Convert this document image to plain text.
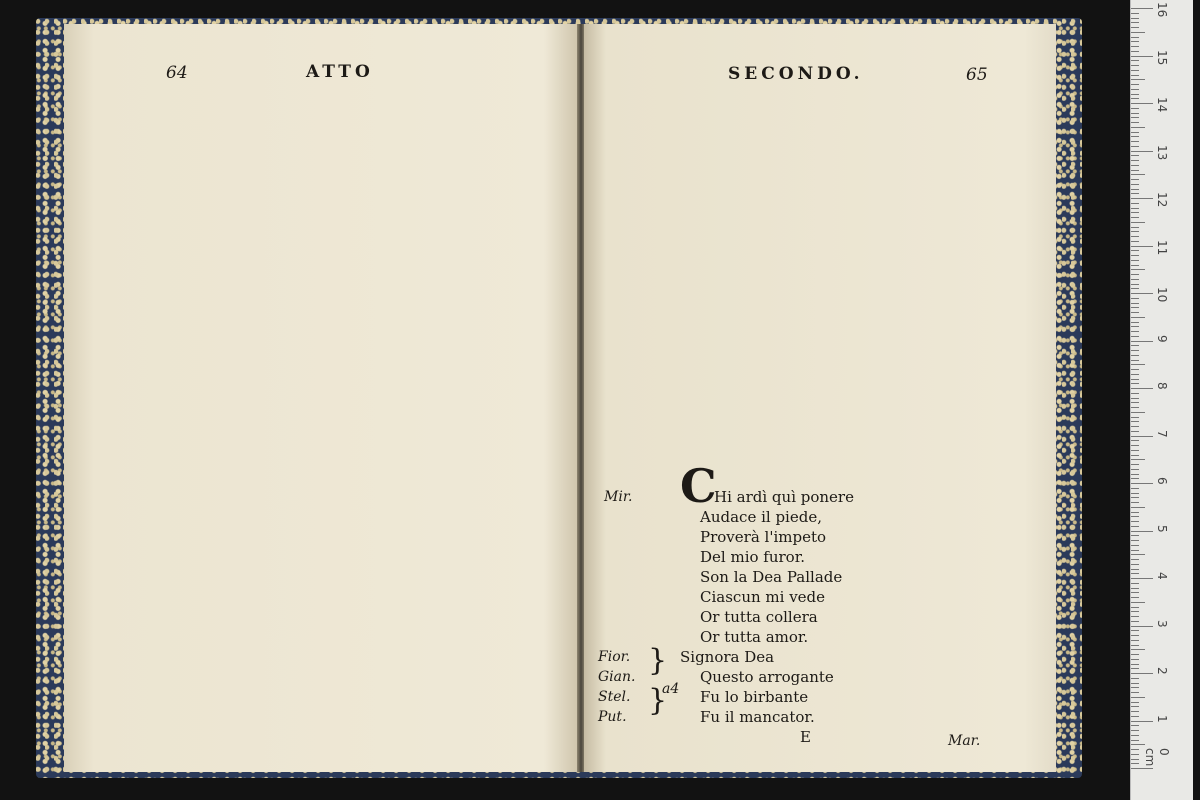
64	ATTO	SECONDO.	65
Mir. C
Hi ardì quì ponere
Audace il piede,
Proverà l'impeto
Del mio furor.
Son la Dea Pallade
Ciascun mi vede
Or tutta collera
Or tutta amor.
Fior.
Gian.
Stel.
Put.
}
}
a4
Signora Dea
Questo arrogante
Fu lo birbante
Fu il mancator.
E	Mar.
0 cm
16
15
14
13
12
11
10
9
8
7
6
5
4
3
2
1
